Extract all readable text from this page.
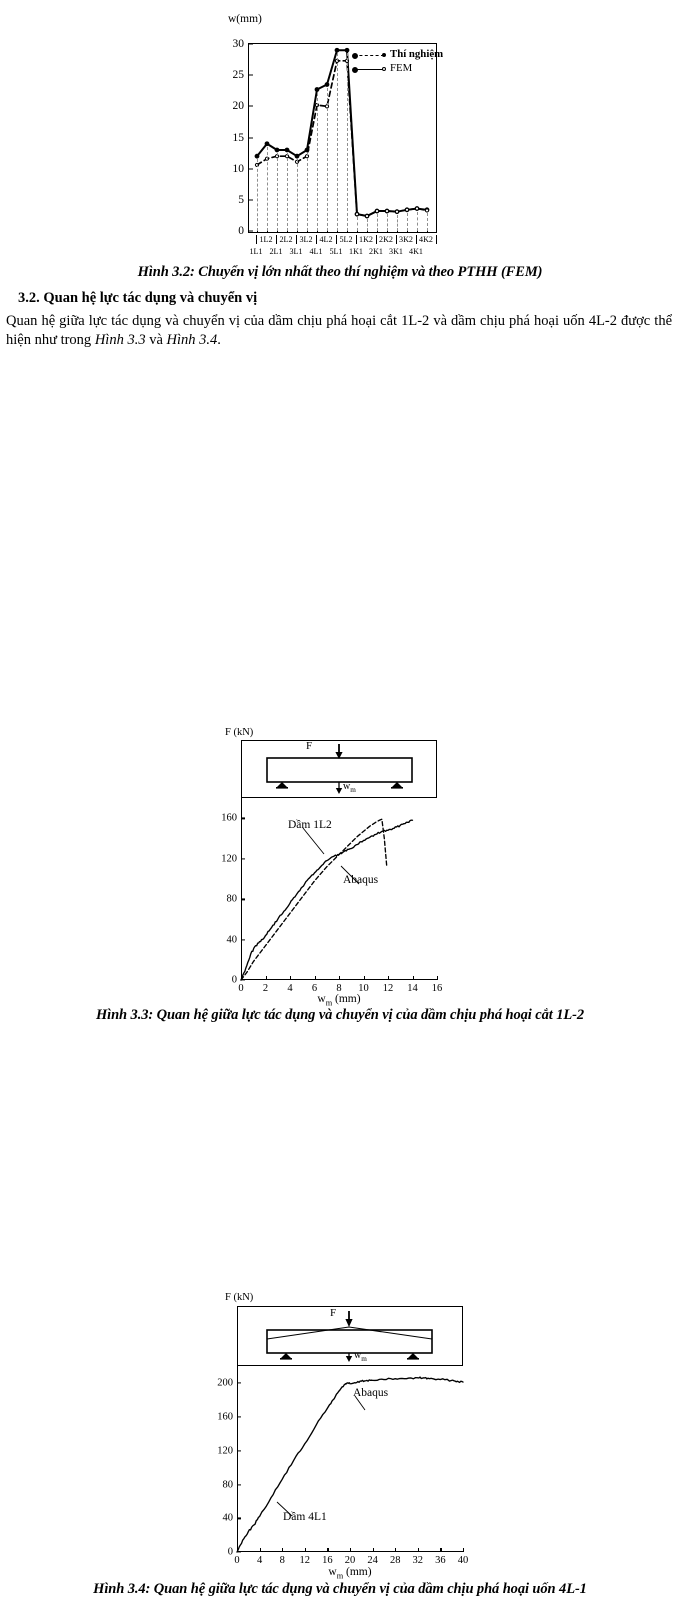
w(mm)
0
5
10
15
20
25
30
1L2
1L1
2L2
2L1
3L2
3L1
4L2
4L1
5L2
5L1
1K2
1K1
2K2
2K1
3K2
3K1
4K2
4K1
Thí nghiệm
FEM
Hình 3.2: Chuyển vị lớn nhất theo thí nghiệm và theo PTHH (FEM)
3.2. Quan hệ lực tác dụng và chuyển vị
Quan hệ giữa lực tác dụng và chuyển vị của dầm chịu phá hoại cắt 1L-2 và dầm chịu phá hoại uốn 4L-2 được thể hiện như trong Hình 3.3 và Hình 3.4.
F (kN)
F
$w_m$
0
40
80
120
160
0 2 4 6 8 10 12 14 16
Dầm 1L2
Abaqus
$w_m$ (mm)
Hình 3.3: Quan hệ giữa lực tác dụng và chuyển vị của dầm chịu phá hoại cắt 1L-2
F (kN)
F
$w_m$
0
40
80
120
160
200
0 4 8 12 16 20 24 28 32 36 40
Abaqus
Dầm 4L1
$w_m$ (mm)
Hình 3.4: Quan hệ giữa lực tác dụng và chuyển vị của dầm chịu phá hoại uốn 4L-1
